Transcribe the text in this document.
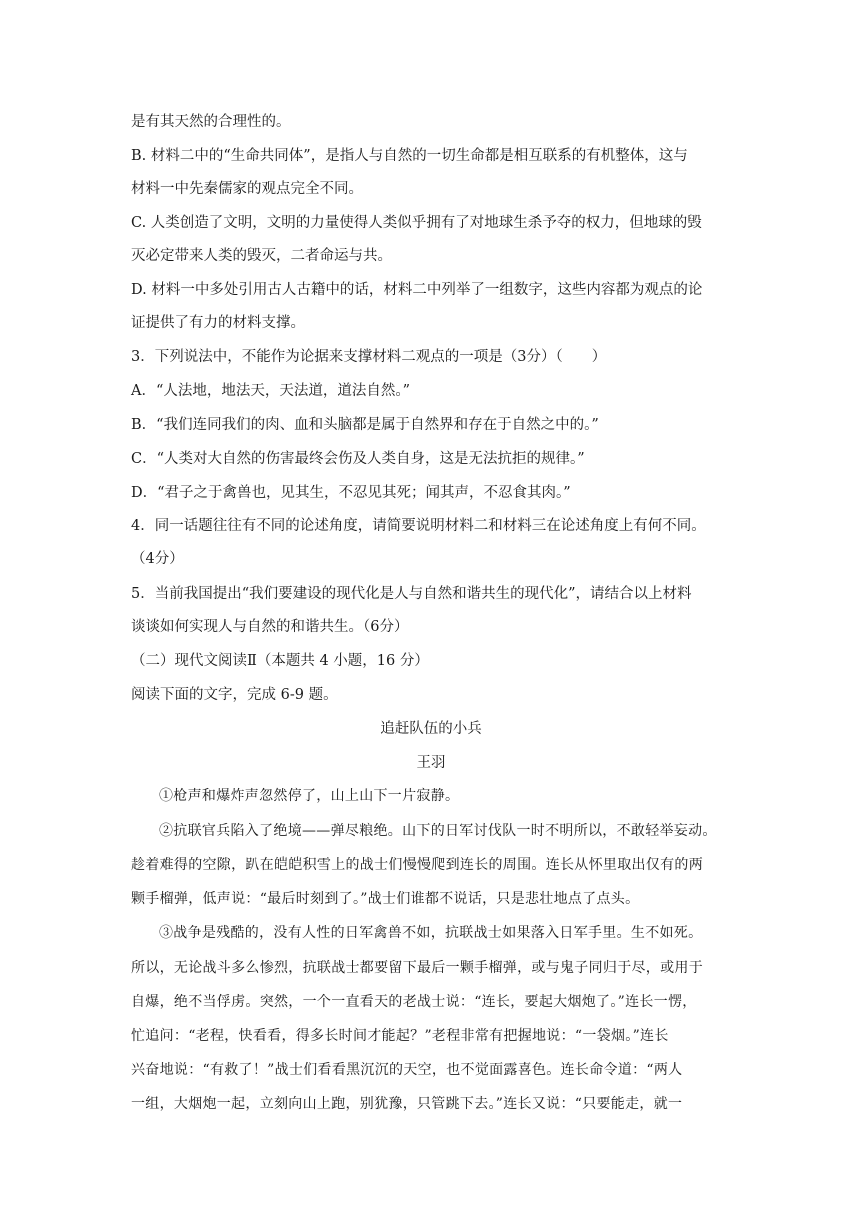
是有其天然的合理性的。
B. 材料二中的“生命共同体”，是指人与自然的一切生命都是相互联系的有机整体，这与
材料一中先秦儒家的观点完全不同。
C. 人类创造了文明，文明的力量使得人类似乎拥有了对地球生杀予夺的权力，但地球的毁
灭必定带来人类的毁灭，二者命运与共。
D. 材料一中多处引用古人古籍中的话，材料二中列举了一组数字，这些内容都为观点的论
证提供了有力的材料支撑。
3．下列说法中，不能作为论据来支撑材料二观点的一项是（3分）（　　）
A．“人法地，地法天，天法道，道法自然。”
B．“我们连同我们的肉、血和头脑都是属于自然界和存在于自然之中的。”
C．“人类对大自然的伤害最终会伤及人类自身，这是无法抗拒的规律。”
D．“君子之于禽兽也，见其生，不忍见其死；闻其声，不忍食其肉。”
4．同一话题往往有不同的论述角度，请简要说明材料二和材料三在论述角度上有何不同。
（4分）
5．当前我国提出“我们要建设的现代化是人与自然和谐共生的现代化”，请结合以上材料
谈谈如何实现人与自然的和谐共生。（6分）
（二）现代文阅读Ⅱ（本题共 4 小题，16 分）
阅读下面的文字，完成 6-9 题。
追赶队伍的小兵
王羽
①枪声和爆炸声忽然停了，山上山下一片寂静。
②抗联官兵陷入了绝境——弹尽粮绝。山下的日军讨伐队一时不明所以，不敢轻举妄动。
趁着难得的空隙，趴在皑皑积雪上的战士们慢慢爬到连长的周围。连长从怀里取出仅有的两
颗手榴弹，低声说：“最后时刻到了。”战士们谁都不说话，只是悲壮地点了点头。
③战争是残酷的，没有人性的日军禽兽不如，抗联战士如果落入日军手里。生不如死。
所以，无论战斗多么惨烈，抗联战士都要留下最后一颗手榴弹，或与鬼子同归于尽，或用于
自爆，绝不当俘虏。突然，一个一直看天的老战士说：“连长，要起大烟炮了。”连长一愣，
忙追问：“老程，快看看，得多长时间才能起？”老程非常有把握地说：“一袋烟。”连长
兴奋地说：“有救了！”战士们看看黑沉沉的天空，也不觉面露喜色。连长命令道：“两人
一组，大烟炮一起，立刻向山上跑，别犹豫，只管跳下去。”连长又说：“只要能走，就一
